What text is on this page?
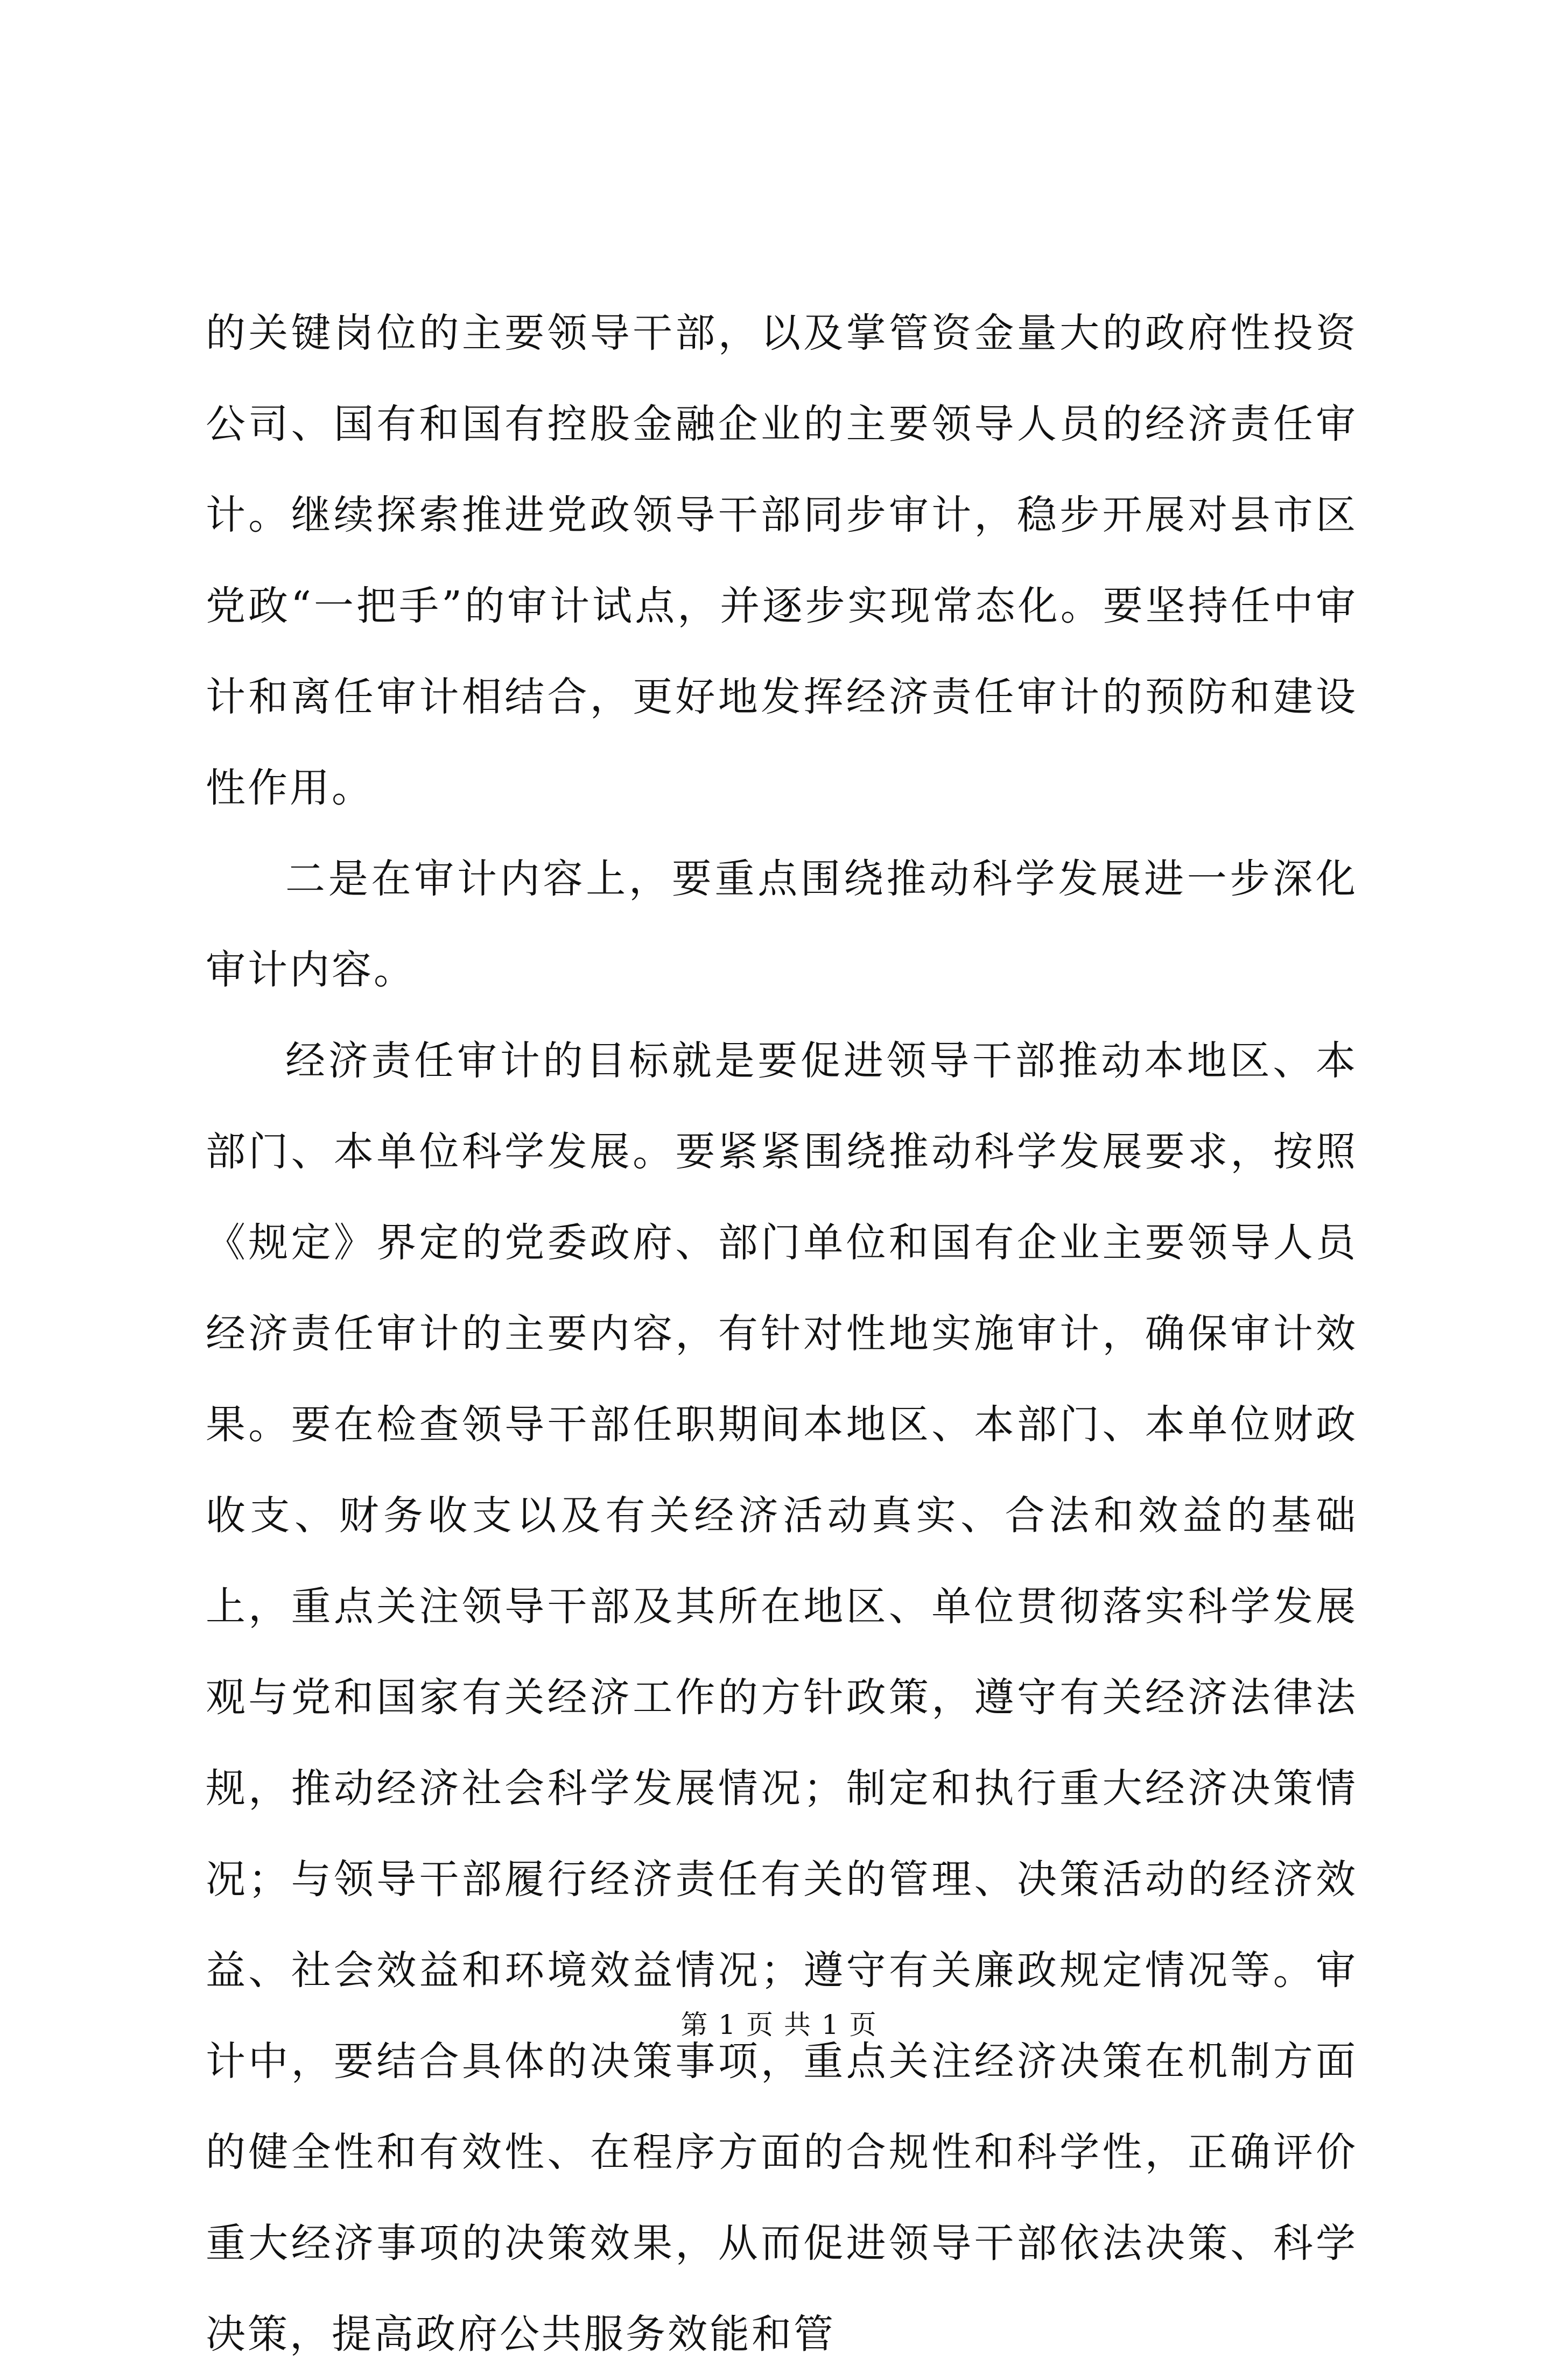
的关键岗位的主要领导干部，以及掌管资金量大的政府性投资公司、国有和国有控股金融企业的主要领导人员的经济责任审计。继续探索推进党政领导干部同步审计，稳步开展对县市区党政“一把手”的审计试点，并逐步实现常态化。要坚持任中审计和离任审计相结合，更好地发挥经济责任审计的预防和建设性作用。

二是在审计内容上，要重点围绕推动科学发展进一步深化审计内容。

经济责任审计的目标就是要促进领导干部推动本地区、本部门、本单位科学发展。要紧紧围绕推动科学发展要求，按照《规定》界定的党委政府、部门单位和国有企业主要领导人员经济责任审计的主要内容，有针对性地实施审计，确保审计效果。要在检查领导干部任职期间本地区、本部门、本单位财政收支、财务收支以及有关经济活动真实、合法和效益的基础上，重点关注领导干部及其所在地区、单位贯彻落实科学发展观与党和国家有关经济工作的方针政策，遵守有关经济法律法规，推动经济社会科学发展情况；制定和执行重大经济决策情况；与领导干部履行经济责任有关的管理、决策活动的经济效益、社会效益和环境效益情况；遵守有关廉政规定情况等。审计中，要结合具体的决策事项，重点关注经济决策在机制方面的健全性和有效性、在程序方面的合规性和科学性，正确评价重大经济事项的决策效果，从而促进领导干部依法决策、科学决策，提高政府公共服务效能和管

第 1 页 共 1 页
